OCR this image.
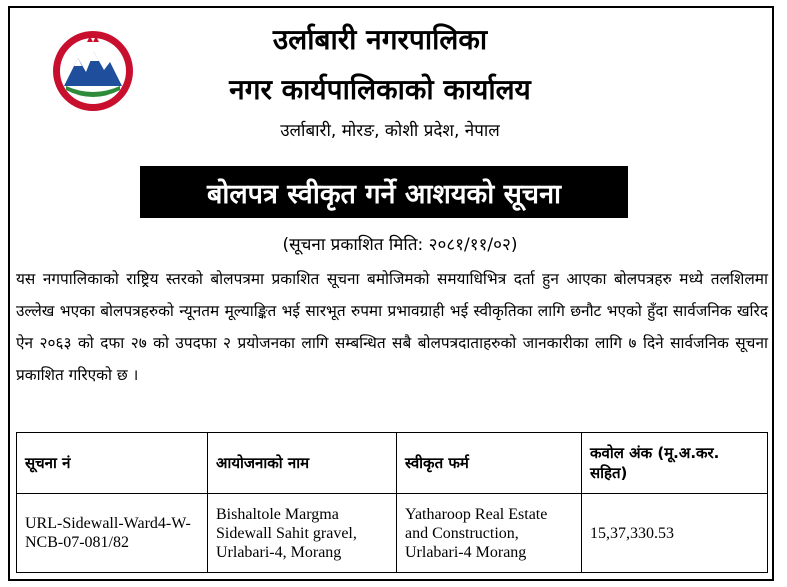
उर्लाबारी नगरपालिका
नगर कार्यपालिकाको कार्यालय
उर्लाबारी, मोरङ, कोशी प्रदेश, नेपाल
बोलपत्र स्वीकृत गर्ने आशयको सूचना
(सूचना प्रकाशित मिति: २०८१/११/०२)
यस नगपालिकाको राष्ट्रिय स्तरको बोलपत्रमा प्रकाशित सूचना बमोजिमको समयाधिभित्र दर्ता हुन आएका बोलपत्रहरु मध्ये तलशिलमा उल्लेख भएका बोलपत्रहरुको न्यूनतम मूल्याङ्कित भई सारभूत रुपमा प्रभावग्राही भई स्वीकृतिका लागि छनौट भएको हुँदा सार्वजनिक खरिद ऐन २०६३ को दफा २७ को उपदफा २ प्रयोजनका लागि सम्बन्धित सबै बोलपत्रदाताहरुको जानकारीका लागि ७ दिने सार्वजनिक सूचना प्रकाशित गरिएको छ ।
सूचना नं	आयोजनाको नाम	स्वीकृत फर्म	कवोल अंक (मू.अ.कर. सहित)
URL-Sidewall-Ward4-W-NCB-07-081/82	Bishaltole Margma Sidewall Sahit gravel, Urlabari-4, Morang	Yatharoop Real Estate and Construction, Urlabari-4 Morang	15,37,330.53
